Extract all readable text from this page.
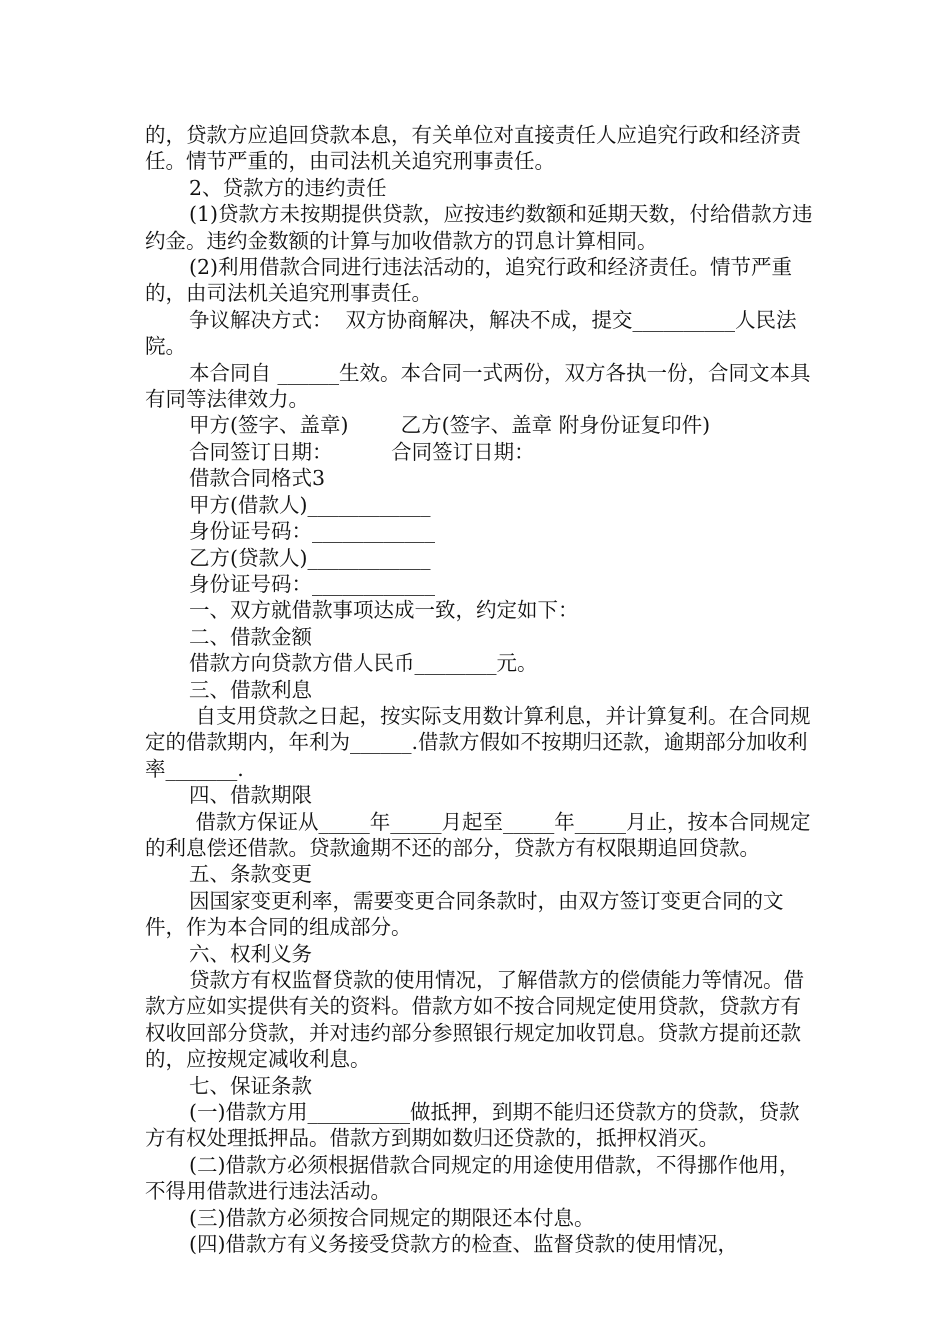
的，贷款方应追回贷款本息，有关单位对直接责任人应追究行政和经济责任。情节严重的，由司法机关追究刑事责任。

2、贷款方的违约责任

(1)贷款方未按期提供贷款，应按违约数额和延期天数，付给借款方违约金。违约金数额的计算与加收借款方的罚息计算相同。

(2)利用借款合同进行违法活动的，追究行政和经济责任。情节严重的，由司法机关追究刑事责任。

争议解决方式：  双方协商解决，解决不成，提交__________人民法院。

本合同自 ______生效。本合同一式两份，双方各执一份，合同文本具有同等法律效力。

甲方(签字、盖章)        乙方(签字、盖章 附身份证复印件)

合同签订日期：         合同签订日期：

借款合同格式3

甲方(借款人)____________

身份证号码：____________

乙方(贷款人)____________

身份证号码：____________

一、双方就借款事项达成一致，约定如下：

二、借款金额

借款方向贷款方借人民币________元。

三、借款利息

自支用贷款之日起，按实际支用数计算利息，并计算复利。在合同规定的借款期内，年利为______.借款方假如不按期归还款，逾期部分加收利率_______.

四、借款期限

借款方保证从_____年_____月起至_____年_____月止，按本合同规定的利息偿还借款。贷款逾期不还的部分，贷款方有权限期追回贷款。

五、条款变更

因国家变更利率，需要变更合同条款时，由双方签订变更合同的文件，作为本合同的组成部分。

六、权利义务

贷款方有权监督贷款的使用情况，了解借款方的偿债能力等情况。借款方应如实提供有关的资料。借款方如不按合同规定使用贷款，贷款方有权收回部分贷款，并对违约部分参照银行规定加收罚息。贷款方提前还款的，应按规定减收利息。

七、保证条款

(一)借款方用__________做抵押，到期不能归还贷款方的贷款，贷款方有权处理抵押品。借款方到期如数归还贷款的，抵押权消灭。

(二)借款方必须根据借款合同规定的用途使用借款，不得挪作他用，不得用借款进行违法活动。

(三)借款方必须按合同规定的期限还本付息。

(四)借款方有义务接受贷款方的检查、监督贷款的使用情况，
